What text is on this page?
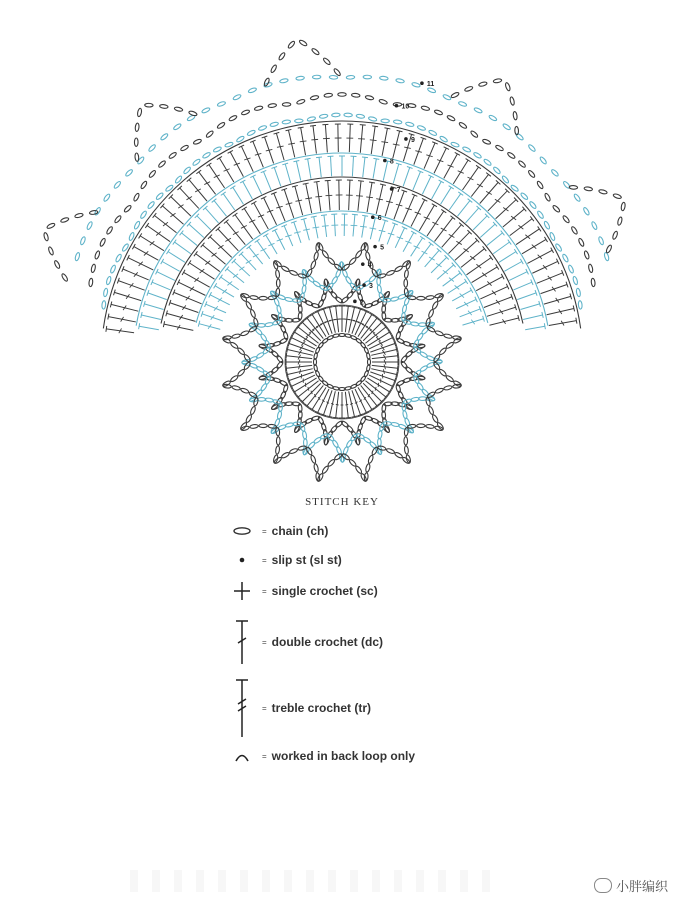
2
3
4
5
6
7
8
9
10
11
STITCH KEY
= chain (ch)
= slip st (sl st)
= single crochet (sc)
= double crochet (dc)
= treble crochet (tr)
= worked in back loop only
小胖编织
